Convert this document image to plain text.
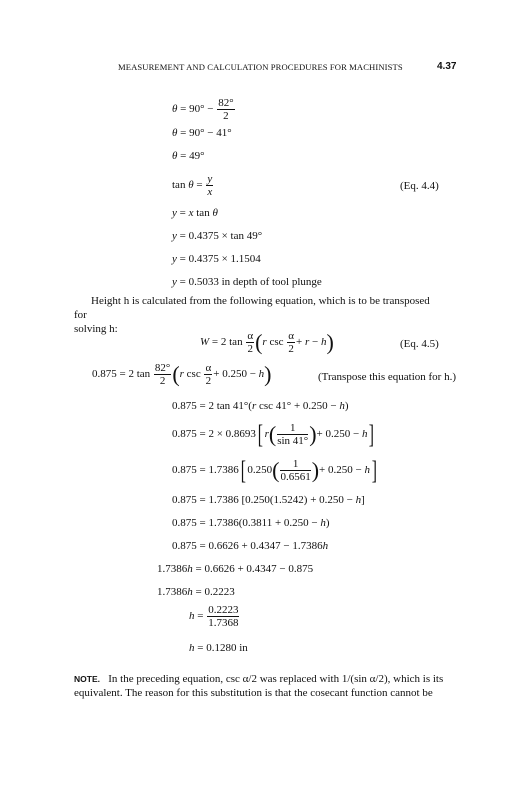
MEASUREMENT AND CALCULATION PROCEDURES FOR MACHINISTS	4.37
$\theta = 90^\circ - \frac{82^\circ}{2}$
θ = 90° − 41°
θ = 49°
$\tan \theta = \frac{y}{x}$	(Eq. 4.4)
y = x tan θ
y = 0.4375 × tan 49°
y = 0.4375 × 1.1504
y = 0.5033 in depth of tool plunge
Height h is calculated from the following equation, which is to be transposed for
solving h:
W = 2 $\tan \frac{\alpha}{2} (r$ $\csc \frac{\alpha}{2} + r - h$)	(Eq. 4.5)
0.875 = 2 $\tan \frac{82^\circ}{2} (r$ $\csc \frac{\alpha}{2} + 0.250 - h$)	(Transpose this equation for h.)
0.875 = 2 tan 41°(r csc 41° + 0.250 − h)
0.875 = 2 × 0.8693[ $r( \frac{1}{\sin 41^\circ}$ )+ 0.250 − h]
0.875 = 1.7386[ $0.250( \frac{1}{0.6561}$ )+ 0.250 − h]
0.875 = 1.7386 [0.250(1.5242) + 0.250 − h]
0.875 = 1.7386(0.3811 + 0.250 − h)
0.875 = 0.6626 + 0.4347 − 1.7386h
1.7386h = 0.6626 + 0.4347 − 0.875
1.7386h = 0.2223
$h = \frac{0.2223}{1.7368}$
h = 0.1280 in
NOTE. In the preceding equation, csc α/2 was replaced with 1/(sin α/2), which is its
equivalent. The reason for this substitution is that the cosecant function cannot be
